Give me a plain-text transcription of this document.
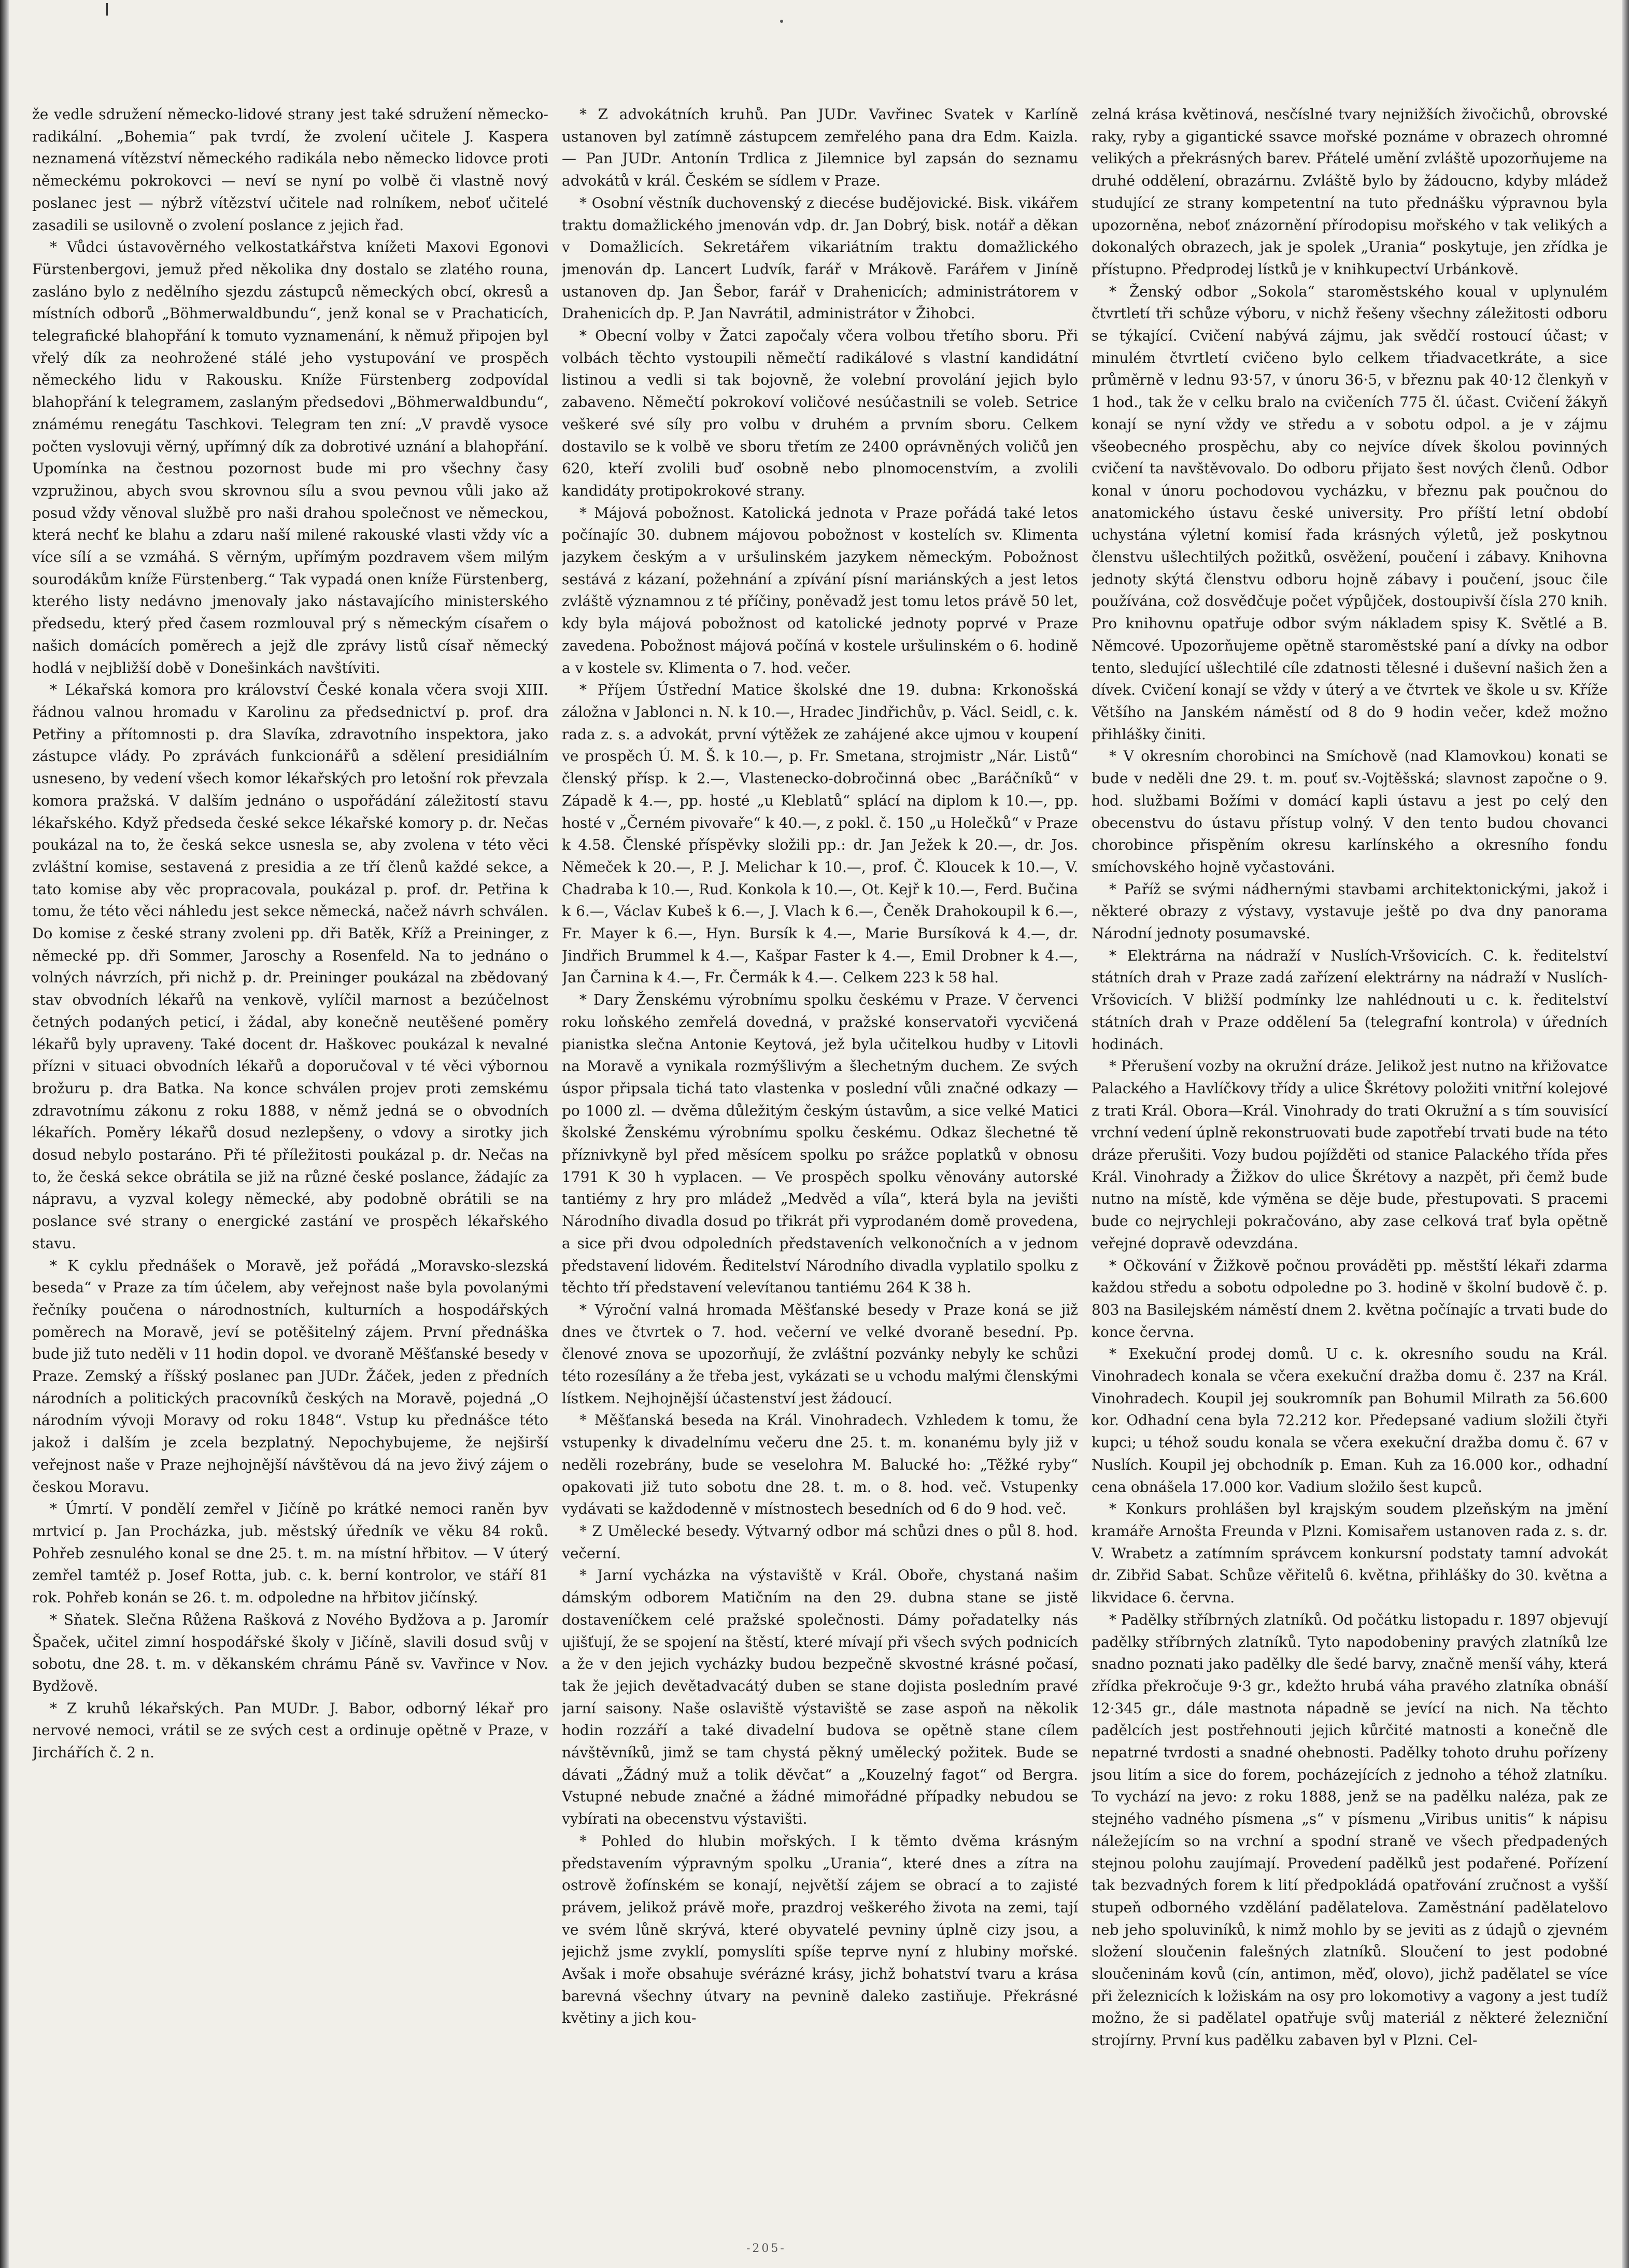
že vedle sdružení německo-lidové strany jest také sdružení německo-radikální. „Bohemia“ pak tvrdí, že zvolení učitele J. Kaspera neznamená vítězství německého radikála nebo německo lidovce proti německému pokrokovci — neví se nyní po volbě či vlastně nový poslanec jest — nýbrž vítězství učitele nad rolníkem, neboť učitelé zasadili se usilovně o zvolení poslance z jejich řad.

* Vůdci ústavověrného velkostatkářstva knížeti Maxovi Egonovi Fürstenbergovi, jemuž před několika dny dostalo se zlatého rouna, zasláno bylo z nedělního sjezdu zástupců německých obcí, okresů a místních odborů „Böhmerwaldbundu“, jenž konal se v Prachaticích, telegrafické blahopřání k tomuto vyznamenání, k němuž připojen byl vřelý dík za neohrožené stálé jeho vystupování ve prospěch německého lidu v Rakousku. Kníže Fürstenberg zodpovídal blahopřání k telegramem, zaslaným předsedovi „Böhmerwaldbundu“, známému renegátu Taschkovi. Telegram ten zní: „V pravdě vysoce počten vyslovuji věrný, upřímný dík za dobrotivé uznání a blahopřání. Upomínka na čestnou pozornost bude mi pro všechny časy vzpružinou, abych svou skrovnou sílu a svou pevnou vůli jako až posud vždy věnoval službě pro naši drahou společnost ve německou, která nechť ke blahu a zdaru naší milené rakouské vlasti vždy víc a více sílí a se vzmáhá. S věrným, upřímým pozdravem všem milým sourodákům kníže Fürstenberg.“ Tak vypadá onen kníže Fürstenberg, kterého listy nedávno jmenovaly jako nástavajícího ministerského předsedu, který před časem rozmlouval prý s německým císařem o našich domácích poměrech a jejž dle zprávy listů císař německý hodlá v nejbližší době v Donešinkách navštíviti.

* Lékařská komora pro království České konala včera svoji XIII. řádnou valnou hromadu v Karolinu za předsednictví p. prof. dra Petřiny a přítomnosti p. dra Slavíka, zdravotního inspektora, jako zástupce vlády. Po zprávách funkcionářů a sdělení presidiálním usneseno, by vedení všech komor lékařských pro letošní rok převzala komora pražská. V dalším jednáno o uspořádání záležitostí stavu lékařského. Když předseda české sekce lékařské komory p. dr. Nečas poukázal na to, že česká sekce usnesla se, aby zvolena v této věci zvláštní komise, sestavená z presidia a ze tří členů každé sekce, a tato komise aby věc propracovala, poukázal p. prof. dr. Petřina k tomu, že této věci náhledu jest sekce německá, načež návrh schválen. Do komise z české strany zvoleni pp. dři Batěk, Kříž a Preininger, z německé pp. dři Sommer, Jaroschy a Rosenfeld. Na to jednáno o volných návrzích, při nichž p. dr. Preininger poukázal na zbědovaný stav obvodních lékařů na venkově, vylíčil marnost a bezúčelnost četných podaných peticí, i žádal, aby konečně neutěšené poměry lékařů byly upraveny. Také docent dr. Haškovec poukázal k nevalné přízni v situaci obvodních lékařů a doporučoval v té věci výbornou brožuru p. dra Batka. Na konce schválen projev proti zemskému zdravotnímu zákonu z roku 1888, v němž jedná se o obvodních lékařích. Poměry lékařů dosud nezlepšeny, o vdovy a sirotky jich dosud nebylo postaráno. Při té příležitosti poukázal p. dr. Nečas na to, že česká sekce obrátila se již na různé české poslance, žádajíc za nápravu, a vyzval kolegy německé, aby podobně obrátili se na poslance své strany o energické zastání ve prospěch lékařského stavu.

* K cyklu přednášek o Moravě, jež pořádá „Moravsko-slezská beseda“ v Praze za tím účelem, aby veřejnost naše byla povolanými řečníky poučena o národnostních, kulturních a hospodářských poměrech na Moravě, jeví se potěšitelný zájem. První přednáška bude již tuto neděli v 11 hodin dopol. ve dvoraně Měšťanské besedy v Praze. Zemský a říšský poslanec pan JUDr. Žáček, jeden z předních národních a politických pracovníků českých na Moravě, pojedná „O národním vývoji Moravy od roku 1848“. Vstup ku přednášce této jakož i dalším je zcela bezplatný. Nepochybujeme, že nejširší veřejnost naše v Praze nejhojnější návštěvou dá na jevo živý zájem o českou Moravu.

* Úmrtí. V pondělí zemřel v Jičíně po krátké nemoci raněn byv mrtvicí p. Jan Procházka, jub. městský úředník ve věku 84 roků. Pohřeb zesnulého konal se dne 25. t. m. na místní hřbitov. — V úterý zemřel tamtéž p. Josef Rotta, jub. c. k. berní kontrolor, ve stáří 81 rok. Pohřeb konán se 26. t. m. odpoledne na hřbitov jičínský.

* Sňatek. Slečna Růžena Rašková z Nového Bydžova a p. Jaromír Špaček, učitel zimní hospodářské školy v Jičíně, slavili dosud svůj v sobotu, dne 28. t. m. v děkanském chrámu Páně sv. Vavřince v Nov. Bydžově.

* Z kruhů lékařských. Pan MUDr. J. Babor, odborný lékař pro nervové nemoci, vrátil se ze svých cest a ordinuje opětně v Praze, v Jirchářích č. 2 n.

* Z advokátních kruhů. Pan JUDr. Vavřinec Svatek v Karlíně ustanoven byl zatímně zástupcem zemřelého pana dra Edm. Kaizla. — Pan JUDr. Antonín Trdlica z Jilemnice byl zapsán do seznamu advokátů v král. Českém se sídlem v Praze.

* Osobní věstník duchovenský z diecése budějovické. Bisk. vikářem traktu domažlického jmenován vdp. dr. Jan Dobrý, bisk. notář a děkan v Domažlicích. Sekretářem vikariátním traktu domažlického jmenován dp. Lancert Ludvík, farář v Mrákově. Farářem v Jiníně ustanoven dp. Jan Šebor, farář v Drahenicích; administrátorem v Drahenicích dp. P. Jan Navrátil, administrátor v Žihobci.

* Obecní volby v Žatci započaly včera volbou třetího sboru. Při volbách těchto vystoupili němečtí radikálové s vlastní kandidátní listinou a vedli si tak bojovně, že volební provolání jejich bylo zabaveno. Němečtí pokrokoví voličové nesúčastnili se voleb. Setrice veškeré své síly pro volbu v druhém a prvním sboru. Celkem dostavilo se k volbě ve sboru třetím ze 2400 oprávněných voličů jen 620, kteří zvolili buď osobně nebo plnomocenstvím, a zvolili kandidáty protipokrokové strany.

* Májová pobožnost. Katolická jednota v Praze pořádá také letos počínajíc 30. dubnem májovou pobožnost v kostelích sv. Klimenta jazykem českým a v uršulinském jazykem německým. Pobožnost sestává z kázaní, požehnání a zpívání písní mariánských a jest letos zvláště významnou z té příčiny, poněvadž jest tomu letos právě 50 let, kdy byla májová pobožnost od katolické jednoty poprvé v Praze zavedena. Pobožnost májová počíná v kostele uršulinském o 6. hodině a v kostele sv. Klimenta o 7. hod. večer.

* Příjem Ústřední Matice školské dne 19. dubna: Krkonošská záložna v Jablonci n. N. k 10.—, Hradec Jindřichův, p. Václ. Seidl, c. k. rada z. s. a advokát, první výtěžek ze zahájené akce ujmou v koupení ve prospěch Ú. M. Š. k 10.—, p. Fr. Smetana, strojmistr „Nár. Listů“ členský přísp. k 2.—, Vlastenecko-dobročinná obec „Baráčníků“ v Západě k 4.—, pp. hosté „u Kleblatů“ splácí na diplom k 10.—, pp. hosté v „Černém pivovaře“ k 40.—, z pokl. č. 150 „u Holečků“ v Praze k 4.58. Členské příspěvky složili pp.: dr. Jan Ježek k 20.—, dr. Jos. Němeček k 20.—, P. J. Melichar k 10.—, prof. Č. Kloucek k 10.—, V. Chadraba k 10.—, Rud. Konkola k 10.—, Ot. Kejř k 10.—, Ferd. Bučina k 6.—, Václav Kubeš k 6.—, J. Vlach k 6.—, Čeněk Drahokoupil k 6.—, Fr. Mayer k 6.—, Hyn. Bursík k 4.—, Marie Bursíková k 4.—, dr. Jindřich Brummel k 4.—, Kašpar Faster k 4.—, Emil Drobner k 4.—, Jan Čarnina k 4.—, Fr. Čermák k 4.—. Celkem 223 k 58 hal.

* Dary Ženskému výrobnímu spolku českému v Praze. V červenci roku loňského zemřelá dovedná, v pražské konservatoři vycvičená pianistka slečna Antonie Keytová, jež byla učitelkou hudby v Litovli na Moravě a vynikala rozmýšlivým a šlechetným duchem. Ze svých úspor připsala tichá tato vlastenka v poslední vůli značné odkazy — po 1000 zl. — dvěma důležitým českým ústavům, a sice velké Matici školské Ženskému výrobnímu spolku českému. Odkaz šlechetné tě příznivkyně byl před měsícem spolku po srážce poplatků v obnosu 1791 K 30 h vyplacen. — Ve prospěch spolku věnovány autorské tantiémy z hry pro mládež „Medvěd a víla“, která byla na jevišti Národního divadla dosud po třikrát při vyprodaném domě provedena, a sice při dvou odpoledních představeních velkonočních a v jednom představení lidovém. Ředitelství Národního divadla vyplatilo spolku z těchto tří představení velevítanou tantiému 264 K 38 h.

* Výroční valná hromada Měšťanské besedy v Praze koná se již dnes ve čtvrtek o 7. hod. večerní ve velké dvoraně besední. Pp. členové znova se upozorňují, že zvláštní pozvánky nebyly ke schůzi této rozesílány a že třeba jest, vykázati se u vchodu malými členskými lístkem. Nejhojnější účastenství jest žádoucí.

* Měšťanská beseda na Král. Vinohradech. Vzhledem k tomu, že vstupenky k divadelnímu večeru dne 25. t. m. konanému byly již v neděli rozebrány, bude se veselohra M. Balucké ho: „Těžké ryby“ opakovati již tuto sobotu dne 28. t. m. o 8. hod. več. Vstupenky vydávati se každodenně v místnostech besedních od 6 do 9 hod. več.

* Z Umělecké besedy. Výtvarný odbor má schůzi dnes o půl 8. hod. večerní.

* Jarní vycházka na výstaviště v Král. Oboře, chystaná našim dámským odborem Matičním na den 29. dubna stane se jistě dostaveníčkem celé pražské společnosti. Dámy pořadatelky nás ujišťují, že se spojení na štěstí, které mívají při všech svých podnicích a že v den jejich vycházky budou bezpečně skvostné krásné počasí, tak že jejich devětadvacátý duben se stane dojista posledním pravé jarní saisony. Naše oslaviště výstaviště se zase aspoň na několik hodin rozzáří a také divadelní budova se opětně stane cílem návštěvníků, jimž se tam chystá pěkný umělecký požitek. Bude se dávati „Žádný muž a tolik děvčat“ a „Kouzelný fagot“ od Bergra. Vstupné nebude značné a žádné mimořádné případky nebudou se vybírati na obecenstvu výstavišti.

* Pohled do hlubin mořských. I k těmto dvěma krásným představením výpravným spolku „Urania“, které dnes a zítra na ostrově žofínském se konají, největší zájem se obrací a to zajisté právem, jelikož právě moře, prazdroj veškerého života na zemi, tají ve svém lůně skrývá, které obyvatelé pevniny úplně cizy jsou, a jejichž jsme zvyklí, pomyslíti spíše teprve nyní z hlubiny mořské. Avšak i moře obsahuje svérázné krásy, jichž bohatství tvaru a krása barevná všechny útvary na pevnině daleko zastiňuje. Překrásné květiny a jich kou-

zelná krása květinová, nesčíslné tvary nejnižších živočichů, obrovské raky, ryby a gigantické ssavce mořské poznáme v obrazech ohromné velikých a překrásných barev. Přátelé umění zvláště upozorňujeme na druhé oddělení, obrazárnu. Zvláště bylo by žádoucno, kdyby mládež studující ze strany kompetentní na tuto přednášku výpravnou byla upozorněna, neboť znázornění přírodopisu mořského v tak velikých a dokonalých obrazech, jak je spolek „Urania“ poskytuje, jen zřídka je přístupno. Předprodej lístků je v knihkupectví Urbánkově.

* Ženský odbor „Sokola“ staroměstského koual v uplynulém čtvrtletí tři schůze výboru, v nichž řešeny všechny záležitosti odboru se týkající. Cvičení nabývá zájmu, jak svědčí rostoucí účast; v minulém čtvrtletí cvičeno bylo celkem třiadvacetkráte, a sice průměrně v lednu 93·57, v únoru 36·5, v březnu pak 40·12 členkyň v 1 hod., tak že v celku bralo na cvičeních 775 čl. účast. Cvičení žákyň konají se nyní vždy ve středu a v sobotu odpol. a je v zájmu všeobecného prospěchu, aby co nejvíce dívek školou povinných cvičení ta navštěvovalo. Do odboru přijato šest nových členů. Odbor konal v únoru pochodovou vycházku, v březnu pak poučnou do anatomického ústavu české university. Pro příští letní období uchystána výletní komisí řada krásných výletů, jež poskytnou členstvu ušlechtilých požitků, osvěžení, poučení i zábavy. Knihovna jednoty skýtá členstvu odboru hojně zábavy i poučení, jsouc čile používána, což dosvědčuje počet výpůjček, dostoupivší čísla 270 knih. Pro knihovnu opatřuje odbor svým nákladem spisy K. Světlé a B. Němcové. Upozorňujeme opětně staroměstské paní a dívky na odbor tento, sledující ušlechtilé cíle zdatnosti tělesné i duševní našich žen a dívek. Cvičení konají se vždy v úterý a ve čtvrtek ve škole u sv. Kříže Většího na Janském náměstí od 8 do 9 hodin večer, kdež možno přihlášky činiti.

* V okresním chorobinci na Smíchově (nad Klamovkou) konati se bude v neděli dne 29. t. m. pouť sv.-Vojtěšská; slavnost započne o 9. hod. službami Božími v domácí kapli ústavu a jest po celý den obecenstvu do ústavu přístup volný. V den tento budou chovanci chorobince přispěním okresu karlínského a okresního fondu smíchovského hojně vyčastováni.

* Paříž se svými nádhernými stavbami architektonickými, jakož i některé obrazy z výstavy, vystavuje ještě po dva dny panorama Národní jednoty posumavské.

* Elektrárna na nádraží v Nuslích-Vršovicích. C. k. ředitelství státních drah v Praze zadá zařízení elektrárny na nádraží v Nuslích-Vršovicích. V bližší podmínky lze nahlédnouti u c. k. ředitelství státních drah v Praze oddělení 5a (telegrafní kontrola) v úředních hodinách.

* Přerušení vozby na okružní dráze. Jelikož jest nutno na křižovatce Palackého a Havlíčkovy třídy a ulice Škrétovy položiti vnitřní kolejové z trati Král. Obora—Král. Vinohrady do trati Okružní a s tím souvisící vrchní vedení úplně rekonstruovati bude zapotřebí trvati bude na této dráze přerušiti. Vozy budou pojížděti od stanice Palackého třída přes Král. Vinohrady a Žižkov do ulice Škrétovy a nazpět, při čemž bude nutno na místě, kde výměna se děje bude, přestupovati. S pracemi bude co nejrychleji pokračováno, aby zase celková trať byla opětně veřejné dopravě odevzdána.

* Očkování v Žižkově počnou prováděti pp. městští lékaři zdarma každou středu a sobotu odpoledne po 3. hodině v školní budově č. p. 803 na Basilejském náměstí dnem 2. května počínajíc a trvati bude do konce června.

* Exekuční prodej domů. U c. k. okresního soudu na Král. Vinohradech konala se včera exekuční dražba domu č. 237 na Král. Vinohradech. Koupil jej soukromník pan Bohumil Milrath za 56.600 kor. Odhadní cena byla 72.212 kor. Předepsané vadium složili čtyři kupci; u téhož soudu konala se včera exekuční dražba domu č. 67 v Nuslích. Koupil jej obchodník p. Eman. Kuh za 16.000 kor., odhadní cena obnášela 17.000 kor. Vadium složilo šest kupců.

* Konkurs prohlášen byl krajským soudem plzeňským na jmění kramáře Arnošta Freunda v Plzni. Komisařem ustanoven rada z. s. dr. V. Wrabetz a zatímním správcem konkursní podstaty tamní advokát dr. Zibřid Sabat. Schůze věřitelů 6. května, přihlášky do 30. května a likvidace 6. června.

* Padělky stříbrných zlatníků. Od počátku listopadu r. 1897 objevují padělky stříbrných zlatníků. Tyto napodobeniny pravých zlatníků lze snadno poznati jako padělky dle šedé barvy, značně menší váhy, která zřídka překročuje 9·3 gr., kdežto hrubá váha pravého zlatníka obnáší 12·345 gr., dále mastnota nápadně se jevící na nich. Na těchto padělcích jest postřehnouti jejich kůrčité matnosti a konečně dle nepatrné tvrdosti a snadné ohebnosti. Padělky tohoto druhu pořízeny jsou litím a sice do forem, pocházejících z jednoho a téhož zlatníku. To vychází na jevo: z roku 1888, jenž se na padělku naléza, pak ze stejného vadného písmena „s“ v písmenu „Viribus unitis“ k nápisu náležejícím so na vrchní a spodní straně ve všech předpadených stejnou polohu zaujímají. Provedení padělků jest podařené. Pořízení tak bezvadných forem k lití předpokládá opatřování zručnost a vyšší stupeň odborného vzdělání padělatelova. Zaměstnání padělatelovo neb jeho spoluviníků, k nimž mohlo by se jeviti as z údajů o zjevném složení sloučenin falešných zlatníků. Sloučení to jest podobné sloučeninám kovů (cín, antimon, měď, olovo), jichž padělatel se více při železnicích k ložiskám na osy pro lokomotivy a vagony a jest tudíž možno, že si padělatel opatřuje svůj materiál z některé železniční strojírny. První kus padělku zabaven byl v Plzni. Cel-

-205-
